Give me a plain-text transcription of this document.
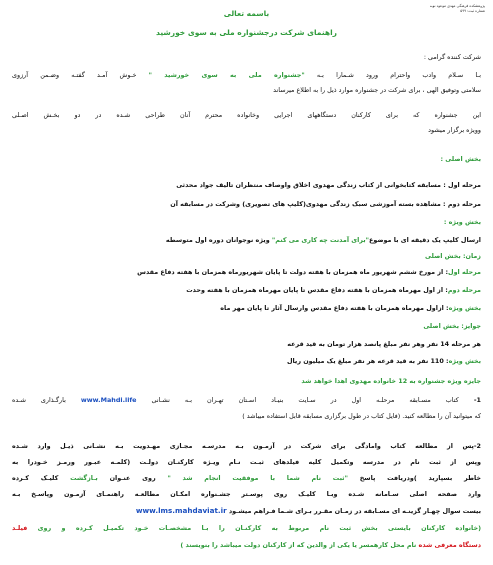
پژوهشکده فرهنگی مهدی موعود نوبه
شماره ثبت: ۵۹۹
باسمه تعالی
راهنمای شرکت درجشنواره ملی به سوی خورشید
شرکت کننده گرامی :
بـا سـلام وادب واحترام ورود شـمارا بـه "جشنواره ملی به سوی خورشید " خـوش آمـد گفتـه وضـمن آرزوی
سلامتی وتوفیق الهی ، برای شرکت در جشنواره موارد ذیل را به اطلاع میرساند
این جشنواره که برای کارکنان دستگاههای اجرایی وخانواده محترم آنان طراحی شـده در دو بخـش اصـلی
وویژه برگزار میشود
بخش اصلی :
مرحله اول : مسابقه کتابخوانی از کتاب زندگی مهدوی اخلاق واوصاف منتظران تالیف جواد محدثی
مرحله دوم : مشاهده بسته آموزشی سبک زندگی مهدوی(کلیپ های تصویری) وشرکت در مسابقه آن
بخش ویژه :
ارسال کلیپ یک دقیقه ای با موضوع"برای آمدنت چه کاری می کنم" ویژه نوجوانان دوره اول متوسطه
زمان: بخش اصلی
مرحله اول: از مورخ ششم شهریور ماه همزمان با هفته دولت تا پایان شهریورماه همزمان با هفته دفاع مقدس
مرحله دوم: از اول مهرماه همزمان با هفته دفاع مقدس تا پایان مهرماه همزمان با هفته وحدت
بخش ویژه: ازاول مهرماه همزمان با هفته دفاع مقدس وارسال آثار تا پایان مهر ماه
جوایز: بخش اصلی
هر مرحله 14 نفر وهر نفر مبلغ پانصد هزار تومان به قید قرعه
بخش ویژه: 110 نفر به قید قرعه هر نفر مبلغ یک میلیون ریال
جایزه ویژه جشنواره به 12 خانواده مهدوی اهدا خواهد شد
1- کتاب مسـابقه مرحلـه اول در سـایت بنیـاد اسـتان تهـران بـه نشـانی www.Mahdi.life بارگـذاری شـده
که میتوانید آن را مطالعه کنید. (فایل کتاب در طول برگزاری مسابقه قابل استفاده میباشد )
2-پس از مطالعه کتاب وامادگی برای شرکت در آزمـون بـه مدرسـه مجـازی مهـدویت بـه نشـانی ذیـل وارد شـده
وپس از ثبت نام در مدرسه وتکمیل کلیه فیلدهای ثبـت نـام ویـژه کارکنـان دولـت (کلمـه عبـور ورمـز خـودرا به
خاطر بسپارید )ودریافت پاسخ "ثبت نام شما با موفقیت انجام شد " روی عنـوان بـازگشت کلیـک کـرده
وارد صفحه اصلی سـامانه شـده وبـا کلیـک روی پوسـتر جشـنواره امکـان مطالعـه راهنمـای آزمـون وپاسـخ بـه
بیست سوال چهـار گزینـه ای مسـابقه در زمـان مقـرر بـرای شـما فـراهم میشـود www.lms.mahdaviat.ir
(خانواده کارکنان بایستی بخش ثبت نام مربوط به کارکنـان را بـا مشخصـات خـود تکمیـل کـرده و روی فیلـد
دستگاه معرفی شده نام محل کارهمسر یا یکی از والدین که از کارکنان دولت میباشد را بنویسند )
